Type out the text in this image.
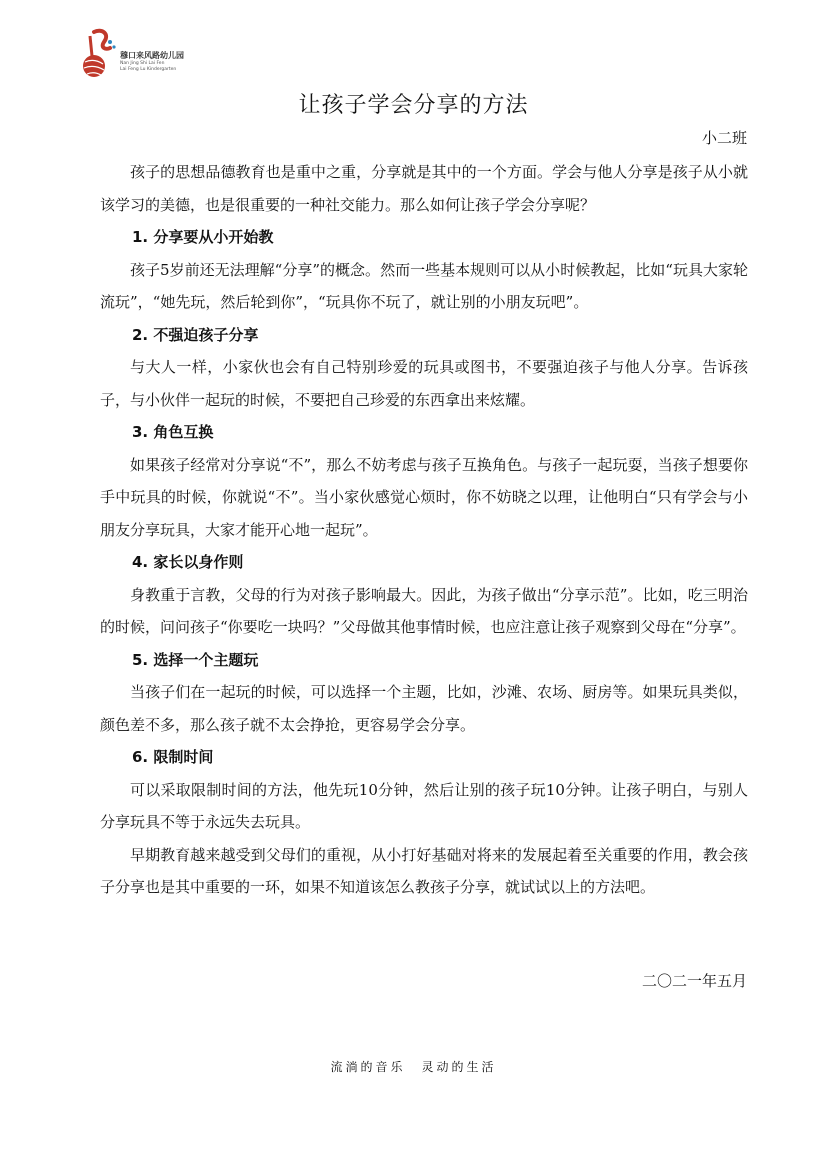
穆口来风路幼儿园
Nan Jing Shi Lai Fen
Lai Feng Lu Kindergarten
让孩子学会分享的方法
小二班

孩子的思想品德教育也是重中之重，分享就是其中的一个方面。学会与他人分享是孩子从小就该学习的美德，也是很重要的一种社交能力。那么如何让孩子学会分享呢？

1. 分享要从小开始教

孩子5岁前还无法理解“分享”的概念。然而一些基本规则可以从小时候教起，比如“玩具大家轮流玩”，“她先玩，然后轮到你”，“玩具你不玩了，就让别的小朋友玩吧”。

2. 不强迫孩子分享

与大人一样，小家伙也会有自己特别珍爱的玩具或图书，不要强迫孩子与他人分享。告诉孩子，与小伙伴一起玩的时候，不要把自己珍爱的东西拿出来炫耀。

3. 角色互换

如果孩子经常对分享说“不”，那么不妨考虑与孩子互换角色。与孩子一起玩耍，当孩子想要你手中玩具的时候，你就说“不”。当小家伙感觉心烦时，你不妨晓之以理，让他明白“只有学会与小朋友分享玩具，大家才能开心地一起玩”。

4. 家长以身作则

身教重于言教，父母的行为对孩子影响最大。因此，为孩子做出“分享示范”。比如，吃三明治的时候，问问孩子“你要吃一块吗？”父母做其他事情时候，也应注意让孩子观察到父母在“分享”。

5. 选择一个主题玩

当孩子们在一起玩的时候，可以选择一个主题，比如，沙滩、农场、厨房等。如果玩具类似，颜色差不多，那么孩子就不太会挣抢，更容易学会分享。

6. 限制时间

可以采取限制时间的方法，他先玩10分钟，然后让别的孩子玩10分钟。让孩子明白，与别人分享玩具不等于永远失去玩具。

早期教育越来越受到父母们的重视，从小打好基础对将来的发展起着至关重要的作用，教会孩子分享也是其中重要的一环，如果不知道该怎么教孩子分享，就试试以上的方法吧。

二〇二一年五月
流淌的音乐 灵动的生活
